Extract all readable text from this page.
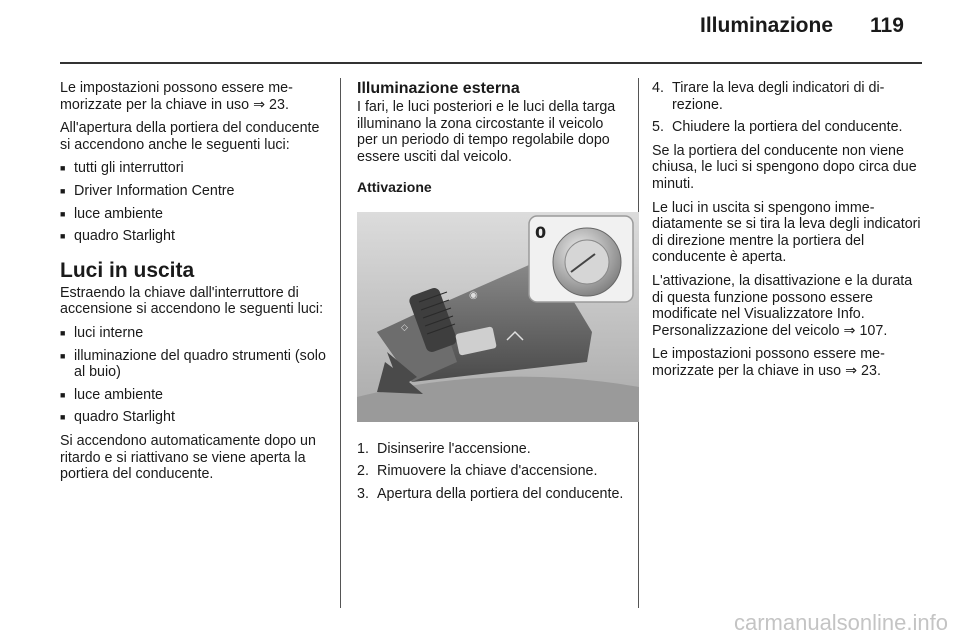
Illuminazione 119

Le impostazioni possono essere memorizzate per la chiave in uso ⇒ 23.

All'apertura della portiera del conducente si accendono anche le seguenti luci:

■ tutti gli interruttori
■ Driver Information Centre
■ luce ambiente
■ quadro Starlight
Luci in uscita

Estraendo la chiave dall'interruttore di accensione si accendono le seguenti luci:

■ luci interne
■ illuminazione del quadro strumenti (solo al buio)
■ luce ambiente
■ quadro Starlight

Si accendono automaticamente dopo un ritardo e si riattivano se viene aperta la portiera del conducente.

Illuminazione esterna

I fari, le luci posteriori e le luci della targa illuminano la zona circostante il veicolo per un periodo di tempo regolabile dopo essere usciti dal veicolo.

Attivazione
◇
◉
0
1. Disinserire l'accensione.
2. Rimuovere la chiave d'accensione.
3. Apertura della portiera del conducente.
4. Tirare la leva degli indicatori di direzione.
5. Chiudere la portiera del conducente.

Se la portiera del conducente non viene chiusa, le luci si spengono dopo circa due minuti.

Le luci in uscita si spengono immediatamente se si tira la leva degli indicatori di direzione mentre la portiera del conducente è aperta.

L'attivazione, la disattivazione e la durata di questa funzione possono essere modificate nel Visualizzatore Info. Personalizzazione del veicolo ⇒ 107.

Le impostazioni possono essere memorizzate per la chiave in uso ⇒ 23.

carmanualsonline.info
